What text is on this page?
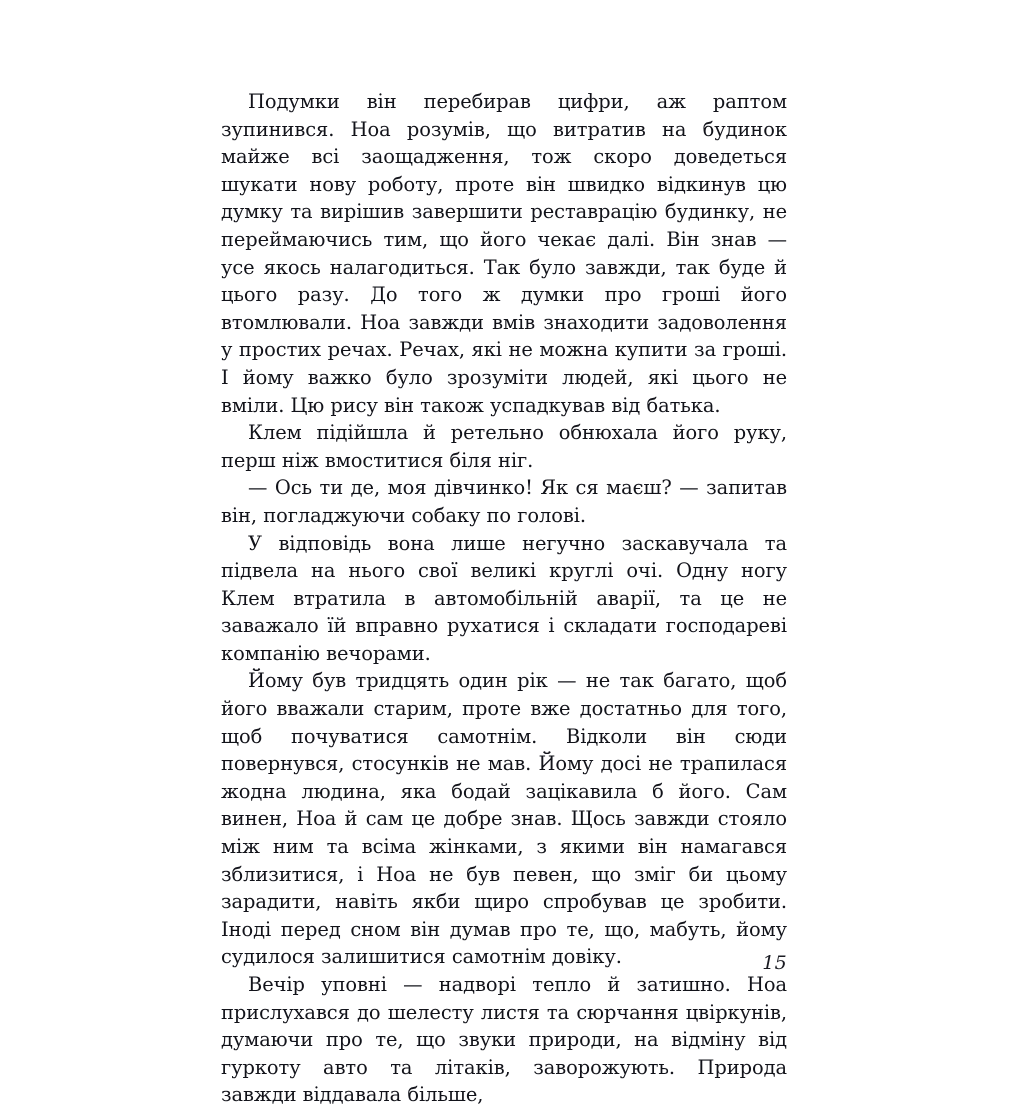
Подумки він перебирав цифри, аж раптом зупинився. Ноа розумів, що витратив на будинок майже всі заощадження, тож скоро доведеться шукати нову роботу, проте він швидко відкинув цю думку та вирішив завершити реставрацію будинку, не переймаючись тим, що його чекає далі. Він знав — усе якось налагодиться. Так було завжди, так буде й цього разу. До того ж думки про гроші його втомлювали. Ноа завжди вмів знаходити задоволення у простих речах. Речах, які не можна купити за гроші. І йому важко було зрозуміти людей, які цього не вміли. Цю рису він також успадкував від батька.

Клем підійшла й ретельно обнюхала його руку, перш ніж вмоститися біля ніг.

— Ось ти де, моя дівчинко! Як ся маєш? — запитав він, погладжуючи собаку по голові.

У відповідь вона лише негучно заскавучала та підвела на нього свої великі круглі очі. Одну ногу Клем втратила в автомобільній аварії, та це не заважало їй вправно рухатися і складати господареві компанію вечорами.

Йому був тридцять один рік — не так багато, щоб його вважали старим, проте вже достатньо для того, щоб почуватися самотнім. Відколи він сюди повернувся, стосунків не мав. Йому досі не трапилася жодна людина, яка бодай зацікавила б його. Сам винен, Ноа й сам це добре знав. Щось завжди стояло між ним та всіма жінками, з якими він намагався зблизитися, і Ноа не був певен, що зміг би цьому зарадити, навіть якби щиро спробував це зробити. Іноді перед сном він думав про те, що, мабуть, йому судилося залишитися самотнім довіку.

Вечір уповні — надворі тепло й затишно. Ноа прислухався до шелесту листя та сюрчання цвіркунів, думаючи про те, що звуки природи, на відміну від гуркоту авто та літаків, заворожують. Природа завжди віддавала більше,

15
